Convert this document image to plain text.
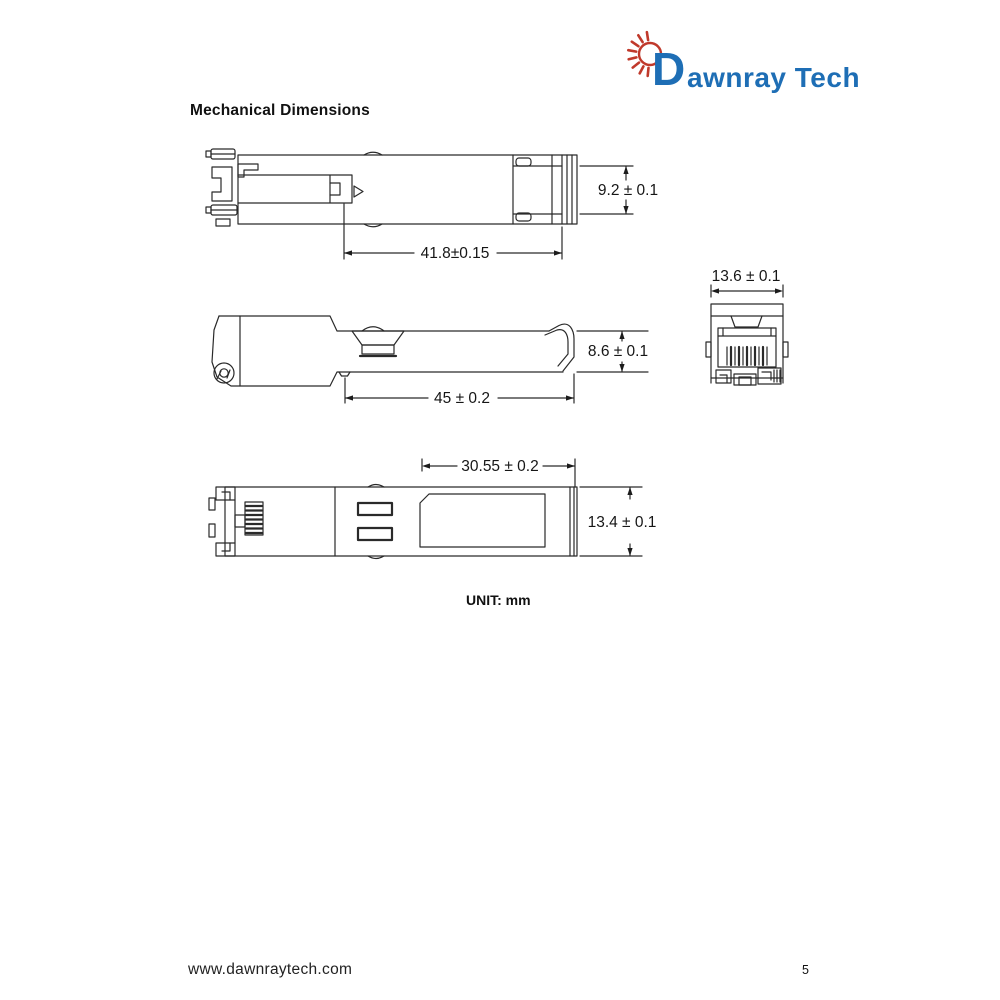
D awnray Tech
Mechanical Dimensions
41.8±0.15
9.2 ± 0.1
45 ± 0.2
8.6 ± 0.1
13.6 ± 0.1
30.55 ± 0.2
13.4 ± 0.1
UNIT: mm
www.dawnraytech.com	5
